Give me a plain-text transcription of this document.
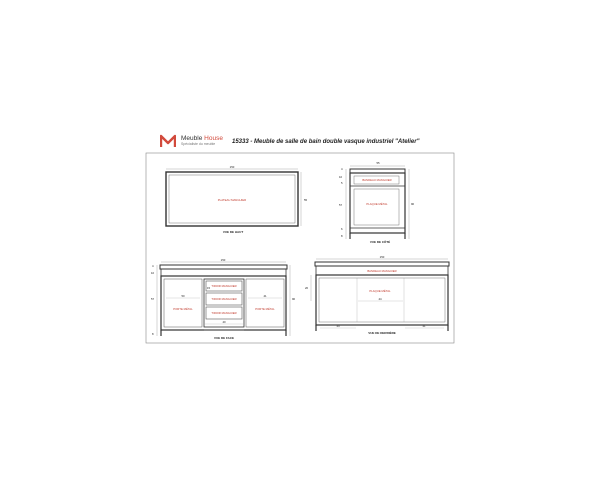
Meuble House
Spécialiste du meuble	15333 - Meuble de salle de bain double vasque industriel "Atelier"
150
55
PLATEAU MANGUIER
VUE DE HAUT
55
4
10
5
57
6
8
90
BANDEAU MANGUIER
PLAQUE MÉTAL
VUE DE CÔTÉ
150
4
10
57
8
15
50	41
40
90
TIROIR MANGUIER
TIROIR MANGUIER
TIROIR MANGUIER
PORTE MÉTAL	PORTE MÉTAL
VUE DE FACE
150
20
44
44	41
BANDEAU MANGUIER
PLAQUE MÉTAL
VUE DE DERRIÈRE
